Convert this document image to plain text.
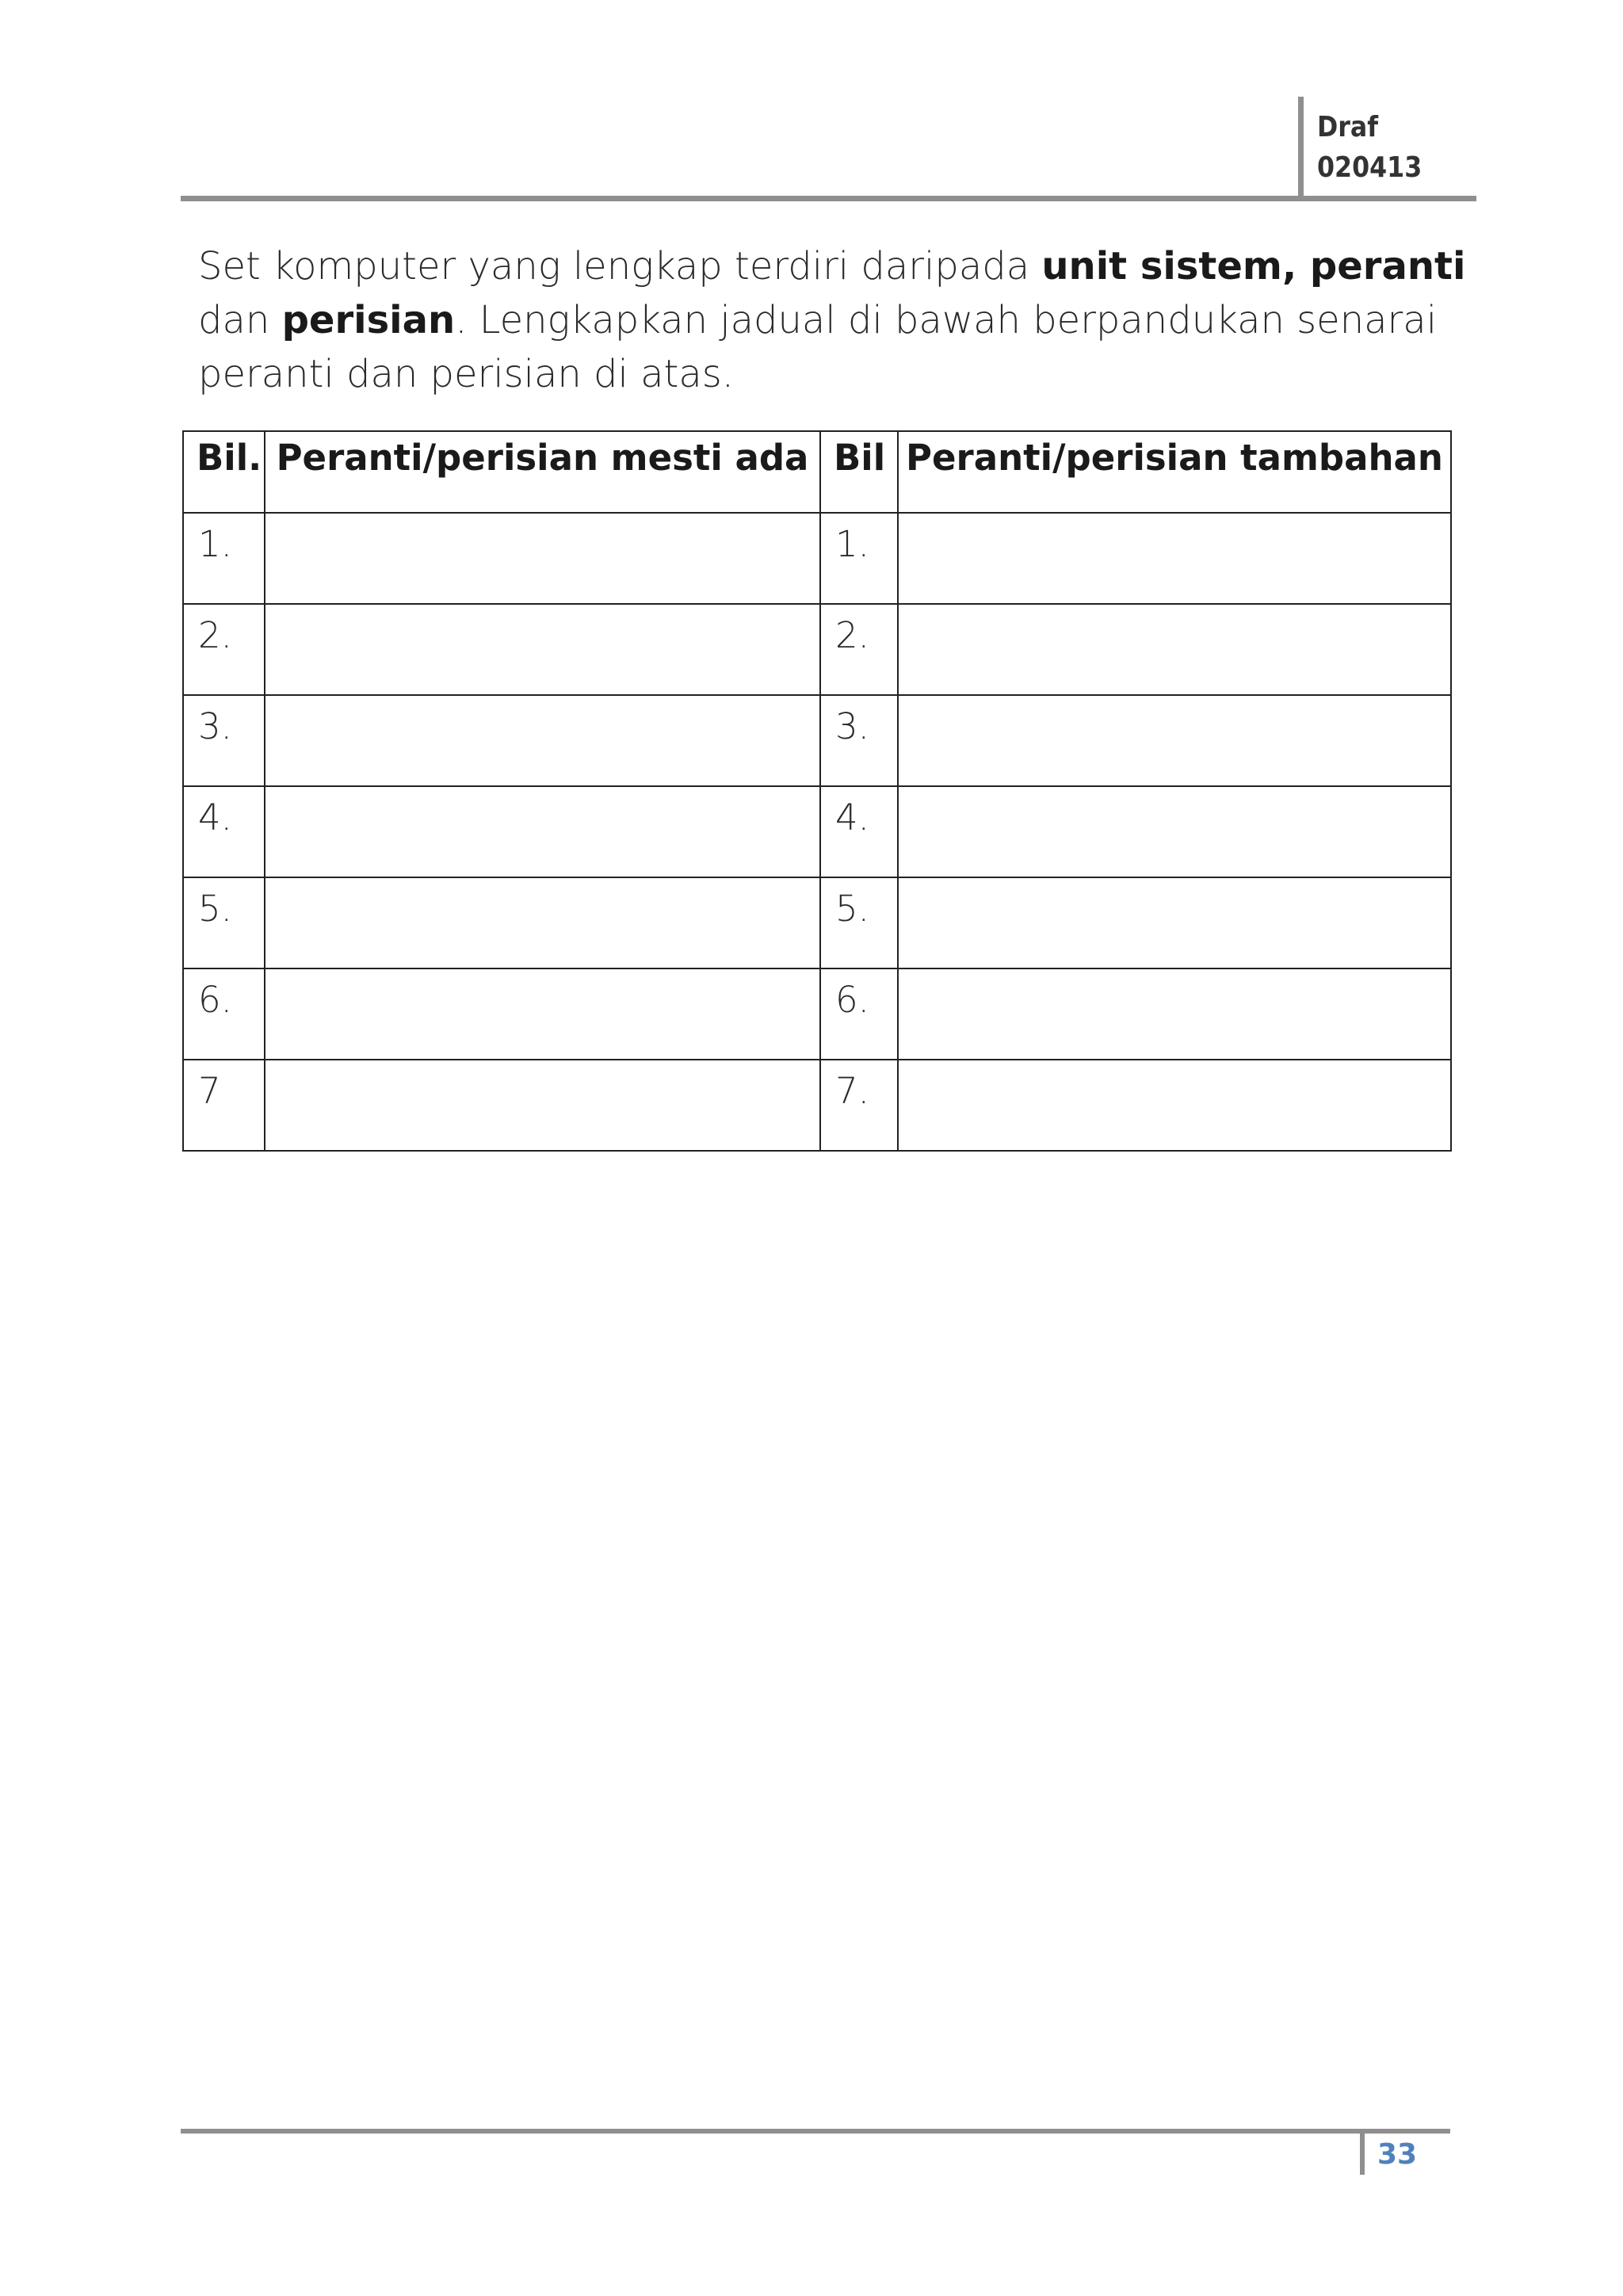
Draf
020413

Set komputer yang lengkap terdiri daripada unit sistem, peranti dan perisian. Lengkapkan jadual di bawah berpandukan senarai peranti dan perisian di atas.

Bil.	Peranti/perisian mesti ada	Bil	Peranti/perisian tambahan
1.		1.	
2.		2.	
3.		3.	
4.		4.	
5.		5.	
6.		6.	
7		7.	
33
